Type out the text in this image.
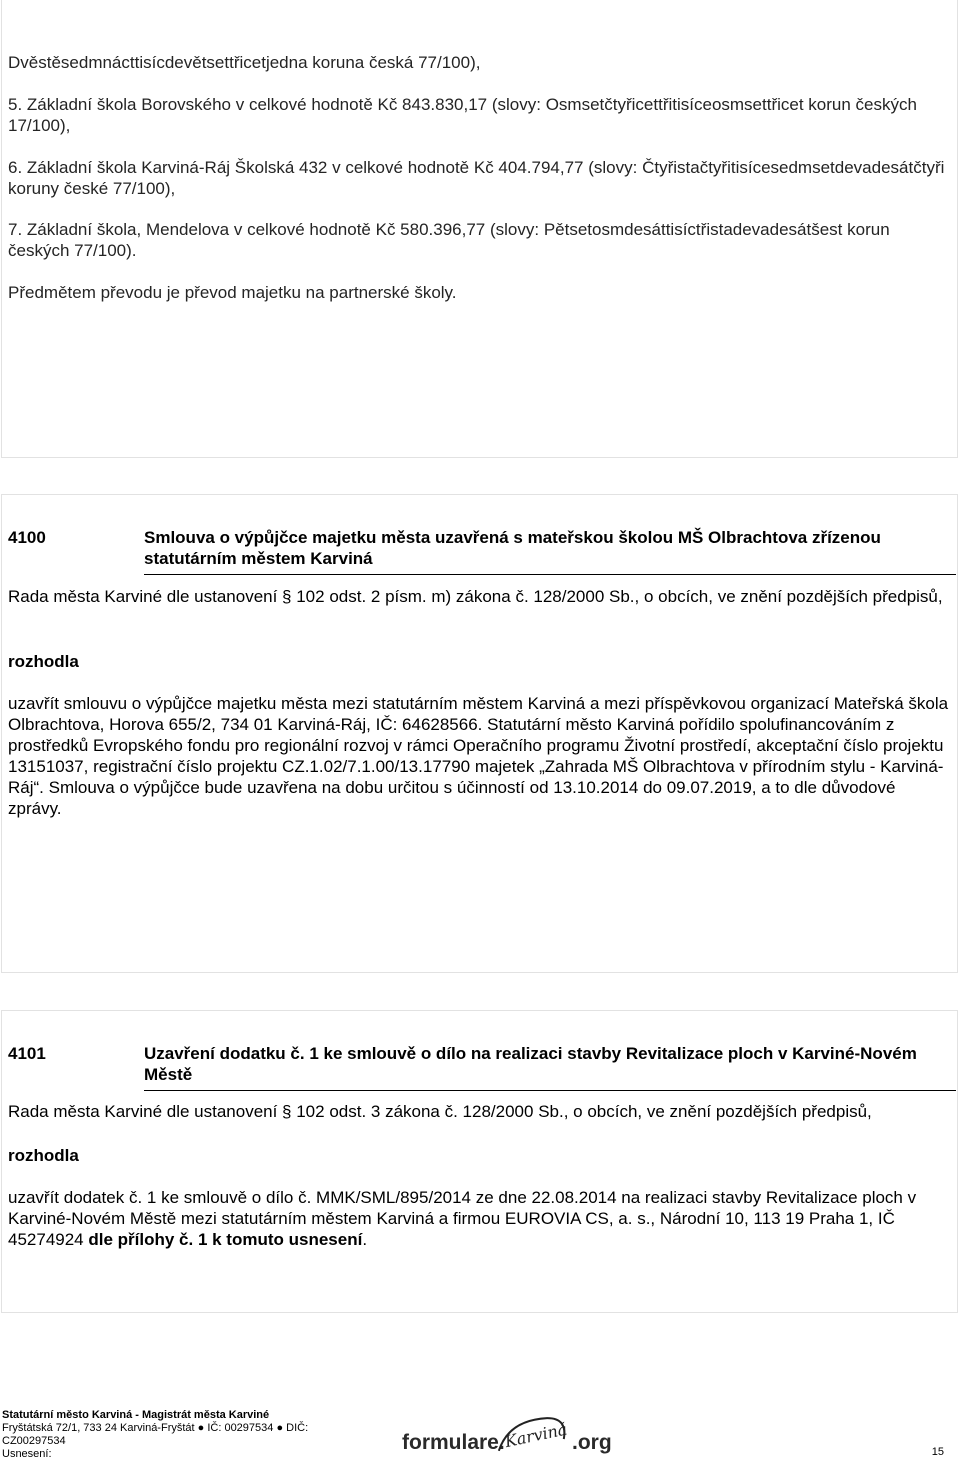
Dvěstěsedmnácttisícdevětsettřicetjedna koruna česká 77/100),

5. Základní škola Borovského v celkové hodnotě Kč 843.830,17 (slovy: Osmsetčtyřicettřitisíceosmsettřicet korun českých 17/100),

6. Základní škola Karviná-Ráj Školská 432 v celkové hodnotě Kč 404.794,77 (slovy: Čtyřistačtyřitisícesedmsetdevadesátčtyři koruny české 77/100),

7. Základní škola, Mendelova v celkové hodnotě Kč 580.396,77 (slovy: Pětsetosmdesáttisíctřistadevadesátšest korun českých 77/100).

Předmětem převodu je převod majetku na partnerské školy.

4100	Smlouva o výpůjčce majetku města uzavřená s mateřskou školou MŠ Olbrachtova zřízenou statutárním městem Karviná

Rada města Karviné dle ustanovení § 102 odst. 2 písm. m) zákona č. 128/2000 Sb., o obcích, ve znění pozdějších předpisů,

rozhodla

uzavřít smlouvu o výpůjčce majetku města mezi statutárním městem Karviná a mezi příspěvkovou organizací Mateřská škola Olbrachtova, Horova 655/2, 734 01 Karviná-Ráj, IČ: 64628566. Statutární město Karviná pořídilo spolufinancováním z prostředků Evropského fondu pro regionální rozvoj v rámci Operačního programu Životní prostředí, akceptační číslo projektu 13151037, registrační číslo projektu CZ.1.02/7.1.00/13.17790 majetek „Zahrada MŠ Olbrachtova v přírodním stylu - Karviná-Ráj“. Smlouva o výpůjčce bude uzavřena na dobu určitou s účinností od 13.10.2014 do 09.07.2019, a to dle důvodové zprávy.

4101	Uzavření dodatku č. 1 ke smlouvě o dílo na realizaci stavby Revitalizace ploch v Karviné-Novém Městě

Rada města Karviné dle ustanovení § 102 odst. 3 zákona č. 128/2000 Sb., o obcích, ve znění pozdějších předpisů,

rozhodla

uzavřít dodatek č. 1 ke smlouvě o dílo č. MMK/SML/895/2014 ze dne 22.08.2014 na realizaci stavby Revitalizace ploch v Karviné-Novém Městě mezi statutárním městem Karviná a firmou EUROVIA CS, a. s., Národní 10, 113 19 Praha 1, IČ 45274924 dle přílohy č. 1 k tomuto usnesení.

Statutární město Karviná - Magistrát města Karviné
Fryštátská 72/1, 733 24 Karviná-Fryštát ● IČ: 00297534 ● DIČ: CZ00297534
Usnesení:	formulare.
Karviná .org	15
